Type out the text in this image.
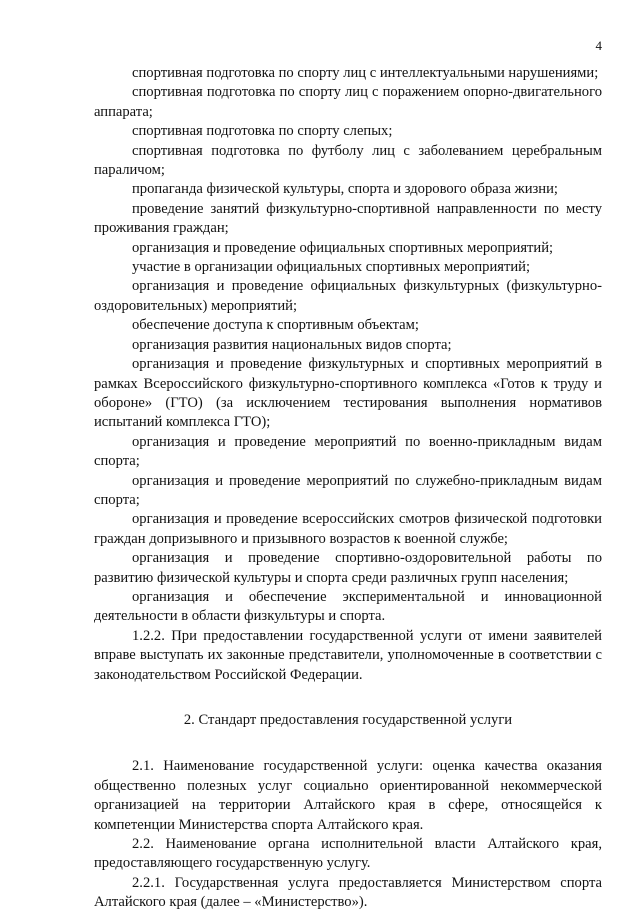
4

спортивная подготовка по спорту лиц с интеллектуальными нарушениями;

спортивная подготовка по спорту лиц с поражением опорно-двигательного аппарата;

спортивная подготовка по спорту слепых;

спортивная подготовка по футболу лиц с заболеванием церебральным параличом;

пропаганда физической культуры, спорта и здорового образа жизни;

проведение занятий физкультурно-спортивной направленности по месту проживания граждан;

организация и проведение официальных спортивных мероприятий;

участие в организации официальных спортивных мероприятий;

организация и проведение официальных физкультурных (физкультурно-оздоровительных) мероприятий;

обеспечение доступа к спортивным объектам;

организация развития национальных видов спорта;

организация и проведение физкультурных и спортивных мероприятий в рамках Всероссийского физкультурно-спортивного комплекса «Готов к труду и обороне» (ГТО) (за исключением тестирования выполнения нормативов испытаний комплекса ГТО);

организация и проведение мероприятий по военно-прикладным видам спорта;

организация и проведение мероприятий по служебно-прикладным видам спорта;

организация и проведение всероссийских смотров физической подготовки граждан допризывного и призывного возрастов к военной службе;

организация и проведение спортивно-оздоровительной работы по развитию физической культуры и спорта среди различных групп населения;

организация и обеспечение экспериментальной и инновационной деятельности в области физкультуры и спорта.

1.2.2. При предоставлении государственной услуги от имени заявителей вправе выступать их законные представители, уполномоченные в соответствии с законодательством Российской Федерации.

2. Стандарт предоставления государственной услуги

2.1. Наименование государственной услуги: оценка качества оказания общественно полезных услуг социально ориентированной некоммерческой организацией на территории Алтайского края в сфере, относящейся к компетенции Министерства спорта Алтайского края.

2.2. Наименование органа исполнительной власти Алтайского края, предоставляющего государственную услугу.

2.2.1. Государственная услуга предоставляется Министерством спорта Алтайского края (далее – «Министерство»).
